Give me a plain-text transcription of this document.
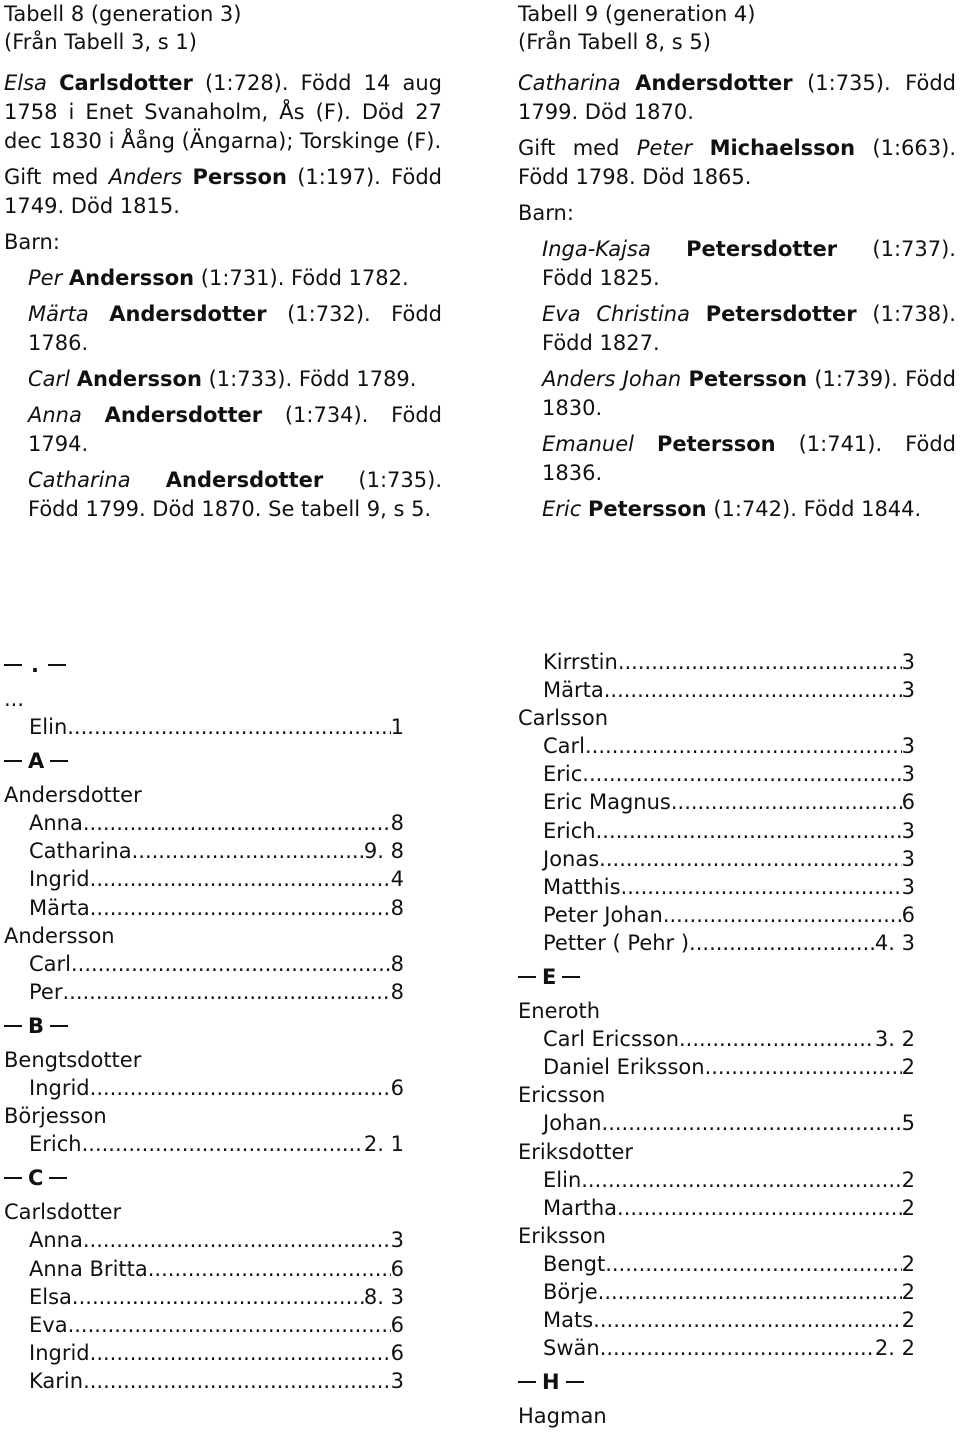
Tabell 8 (generation 3)
(Från Tabell 3, s 1)
Elsa Carlsdotter (1:728). Född 14 aug 1758 i Enet Svanaholm, Ås (F). Död 27 dec 1830 i Åång (Ängarna); Torskinge (F).
Gift med Anders Persson (1:197). Född 1749. Död 1815.
Barn:
Per Andersson (1:731). Född 1782.
Märta Andersdotter (1:732). Född 1786.
Carl Andersson (1:733). Född 1789.
Anna Andersdotter (1:734). Född 1794.
Catharina Andersdotter (1:735). Född 1799. Död 1870. Se tabell 9, s 5.
Tabell 9 (generation 4)
(Från Tabell 8, s 5)
Catharina Andersdotter (1:735). Född 1799. Död 1870.
Gift med Peter Michaelsson (1:663). Född 1798. Död 1865.
Barn:
Inga-Kajsa Petersdotter (1:737). Född 1825.
Eva Christina Petersdotter (1:738). Född 1827.
Anders Johan Petersson (1:739). Född 1830.
Emanuel Petersson (1:741). Född 1836.
Eric Petersson (1:742). Född 1844.
.
...
Elin .....	1
A
Andersdotter
Anna .....	8
Catharina .....	9. 8
Ingrid .....	4
Märta .....	8
Andersson
Carl .....	8
Per .....	8
B
Bengtsdotter
Ingrid .....	6
Börjesson
Erich .....	2. 1
C
Carlsdotter
Anna .....	3
Anna Britta .....	6
Elsa .....	8. 3
Eva .....	6
Ingrid .....	6
Karin .....	3
Kirrstin .....	3
Märta .....	3
Carlsson
Carl .....	3
Eric .....	3
Eric Magnus .....	6
Erich .....	3
Jonas .....	3
Matthis .....	3
Peter Johan .....	6
Petter ( Pehr ) .....	4. 3
E
Eneroth
Carl Ericsson .....	3. 2
Daniel Eriksson .....	2
Ericsson
Johan .....	5
Eriksdotter
Elin .....	2
Martha .....	2
Eriksson
Bengt .....	2
Börje .....	2
Mats .....	2
Swän .....	2. 2
H
Hagman
